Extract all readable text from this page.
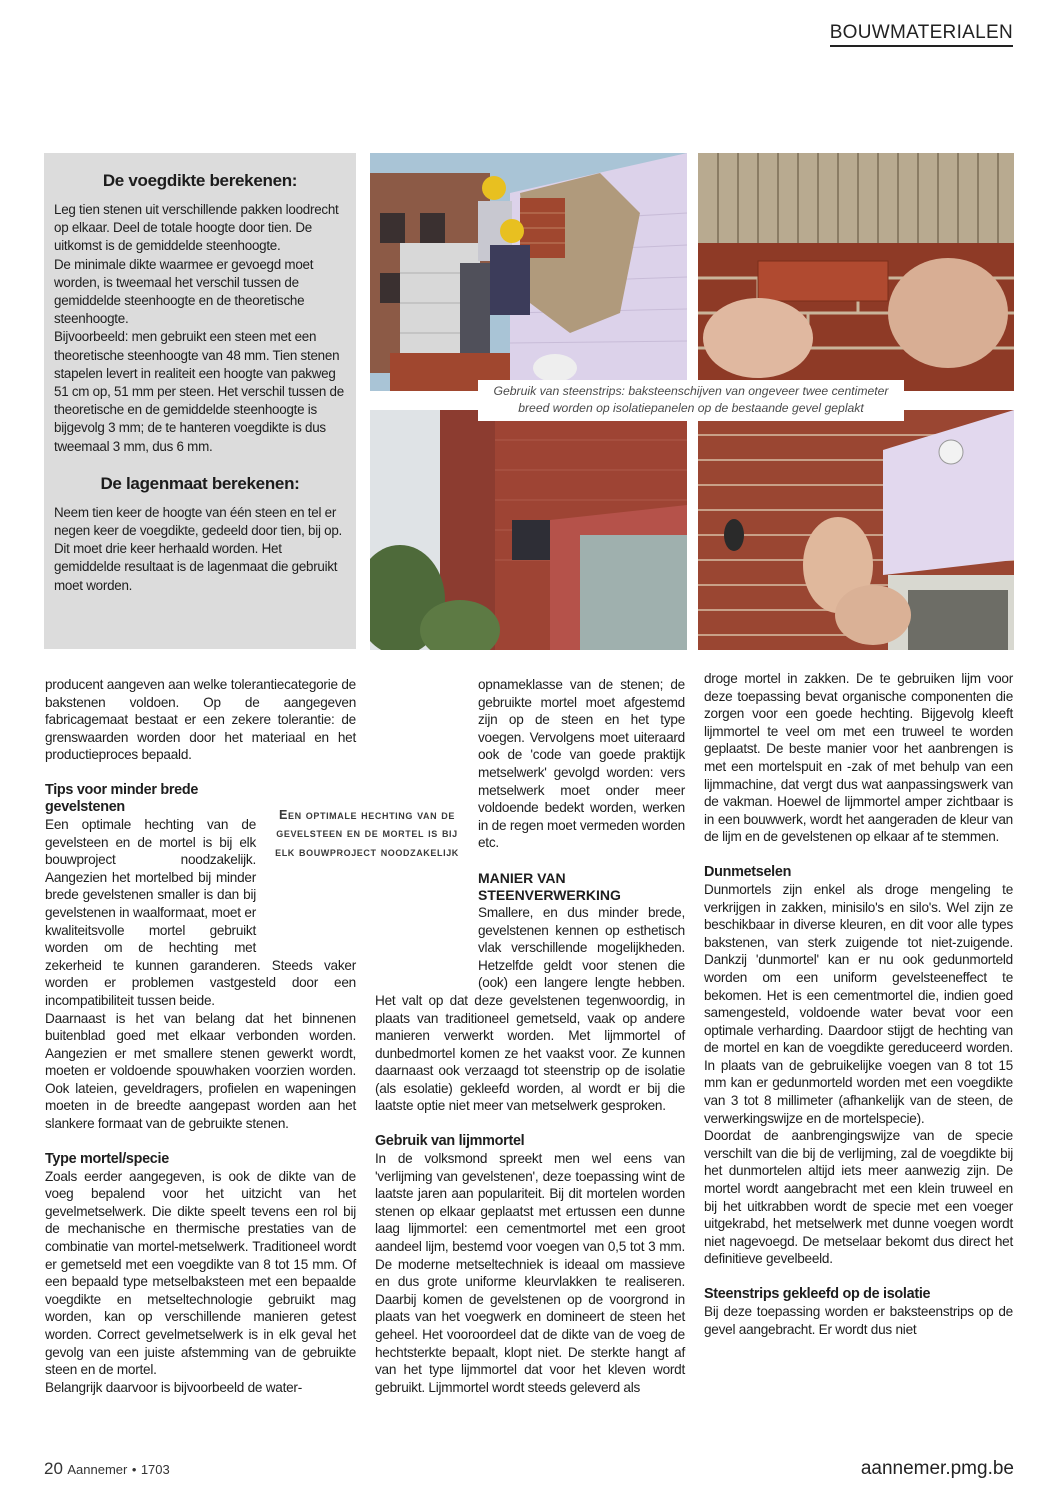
BOUWMATERIALEN
De voegdikte berekenen:

Leg tien stenen uit verschillende pakken loodrecht op elkaar. Deel de totale hoogte door tien. De uitkomst is de gemiddelde steenhoogte.

De minimale dikte waarmee er gevoegd moet worden, is tweemaal het verschil tussen de gemiddelde steenhoogte en de theoretische steenhoogte.

Bijvoorbeeld: men gebruikt een steen met een theoretische steenhoogte van 48 mm. Tien stenen stapelen levert in realiteit een hoogte van pakweg 51 cm op, 51 mm per steen. Het verschil tussen de theoretische en de gemiddelde steenhoogte is bijgevolg 3 mm; de te hanteren voegdikte is dus tweemaal 3 mm, dus 6 mm.

De lagenmaat berekenen:

Neem tien keer de hoogte van één steen en tel er negen keer de voegdikte, gedeeld door tien, bij op. Dit moet drie keer herhaald worden. Het gemiddelde resultaat is de lagenmaat die gebruikt moet worden.

Gebruik van steenstrips: baksteenschijven van ongeveer twee centimeter breed worden op isolatiepanelen op de bestaande gevel geplakt

producent aangeven aan welke tolerantiecategorie de bakstenen voldoen. Op de aangegeven fabricagemaat bestaat er een zekere tolerantie: de grenswaarden worden door het materiaal en het productieproces bepaald.

Tips voor minder brede gevelstenen

Een optimale hechting van de gevelsteen en de mortel is bij elk bouwproject noodzakelijk. Aangezien het mortelbed bij minder brede gevelstenen smaller is dan bij gevelstenen in waalformaat, moet er kwaliteitsvolle mortel gebruikt worden om de hechting met zekerheid te kunnen garanderen. Steeds vaker worden er problemen vastgesteld door een incompatibiliteit tussen beide.

Daarnaast is het van belang dat het binnenen buitenblad goed met elkaar verbonden worden. Aangezien er met smallere stenen gewerkt wordt, moeten er voldoende spouwhaken voorzien worden. Ook lateien, geveldragers, profielen en wapeningen moeten in de breedte aangepast worden aan het slankere formaat van de gebruikte stenen.

Type mortel/specie

Zoals eerder aangegeven, is ook de dikte van de voeg bepalend voor het uitzicht van het gevelmetselwerk. Die dikte speelt tevens een rol bij de mechanische en thermische prestaties van de combinatie van mortel-metselwerk. Traditioneel wordt er gemetseld met een voegdikte van 8 tot 15 mm. Of een bepaald type metselbaksteen met een bepaalde voegdikte en metseltechnologie gebruikt mag worden, kan op verschillende manieren getest worden. Correct gevelmetselwerk is in elk geval het gevolg van een juiste afstemming van de gebruikte steen en de mortel.

Belangrijk daarvoor is bijvoorbeeld de water-

opnameklasse van de stenen; de gebruikte mortel moet afgestemd zijn op de steen en het type voegen. Vervolgens moet uiteraard ook de 'code van goede praktijk metselwerk' gevolgd worden: vers metselwerk moet onder meer voldoende bedekt worden, werken in de regen moet vermeden worden etc.

MANIER VAN STEENVERWERKING

Smallere, en dus minder brede, gevelstenen kennen op esthetisch vlak verschillende mogelijkheden. Hetzelfde geldt voor stenen die (ook) een langere lengte hebben. Het valt op dat deze gevelstenen tegenwoordig, in plaats van traditioneel gemetseld, vaak op andere manieren verwerkt worden. Met lijmmortel of dunbedmortel komen ze het vaakst voor. Ze kunnen daarnaast ook verzaagd tot steenstrip op de isolatie (als esolatie) gekleefd worden, al wordt er bij die laatste optie niet meer van metselwerk gesproken.

Gebruik van lijmmortel

In de volksmond spreekt men wel eens van 'verlijming van gevelstenen', deze toepassing wint de laatste jaren aan populariteit. Bij dit mortelen worden stenen op elkaar geplaatst met ertussen een dunne laag lijmmortel: een cementmortel met een groot aandeel lijm, bestemd voor voegen van 0,5 tot 3 mm. De moderne metseltechniek is ideaal om massieve en dus grote uniforme kleurvlakken te realiseren. Daarbij komen de gevelstenen op de voorgrond in plaats van het voegwerk en domineert de steen het geheel. Het vooroordeel dat de dikte van de voeg de hechtsterkte bepaalt, klopt niet. De sterkte hangt af van het type lijmmortel dat voor het kleven wordt gebruikt. Lijmmortel wordt steeds geleverd als

Een optimale hechting van de gevelsteen en de mortel is bij elk bouwproject noodzakelijk

droge mortel in zakken. De te gebruiken lijm voor deze toepassing bevat organische componenten die zorgen voor een goede hechting. Bijgevolg kleeft lijmmortel te veel om met een truweel te worden geplaatst. De beste manier voor het aanbrengen is met een mortelspuit en -zak of met behulp van een lijmmachine, dat vergt dus wat aanpassingswerk van de vakman. Hoewel de lijmmortel amper zichtbaar is in een bouwwerk, wordt het aangeraden de kleur van de lijm en de gevelstenen op elkaar af te stemmen.

Dunmetselen

Dunmortels zijn enkel als droge mengeling te verkrijgen in zakken, minisilo's en silo's. Wel zijn ze beschikbaar in diverse kleuren, en dit voor alle types bakstenen, van sterk zuigende tot niet-zuigende. Dankzij 'dunmortel' kan er nu ook gedunmorteld worden om een uniform gevelsteeneffect te bekomen. Het is een cementmortel die, indien goed samengesteld, voldoende water bevat voor een optimale verharding. Daardoor stijgt de hechting van de mortel en kan de voegdikte gereduceerd worden. In plaats van de gebruikelijke voegen van 8 tot 15 mm kan er gedunmorteld worden met een voegdikte van 3 tot 8 millimeter (afhankelijk van de steen, de verwerkingswijze en de mortelspecie).

Doordat de aanbrengingswijze van de specie verschilt van die bij de verlijming, zal de voegdikte bij het dunmortelen altijd iets meer aanwezig zijn. De mortel wordt aangebracht met een klein truweel en bij het uitkrabben wordt de specie met een voeger uitgekrabd, het metselwerk met dunne voegen wordt niet nagevoegd. De metselaar bekomt dus direct het definitieve gevelbeeld.

Steenstrips gekleefd op de isolatie

Bij deze toepassing worden er baksteenstrips op de gevel aangebracht. Er wordt dus niet

20 Aannemer • 1703	aannemer.pmg.be
